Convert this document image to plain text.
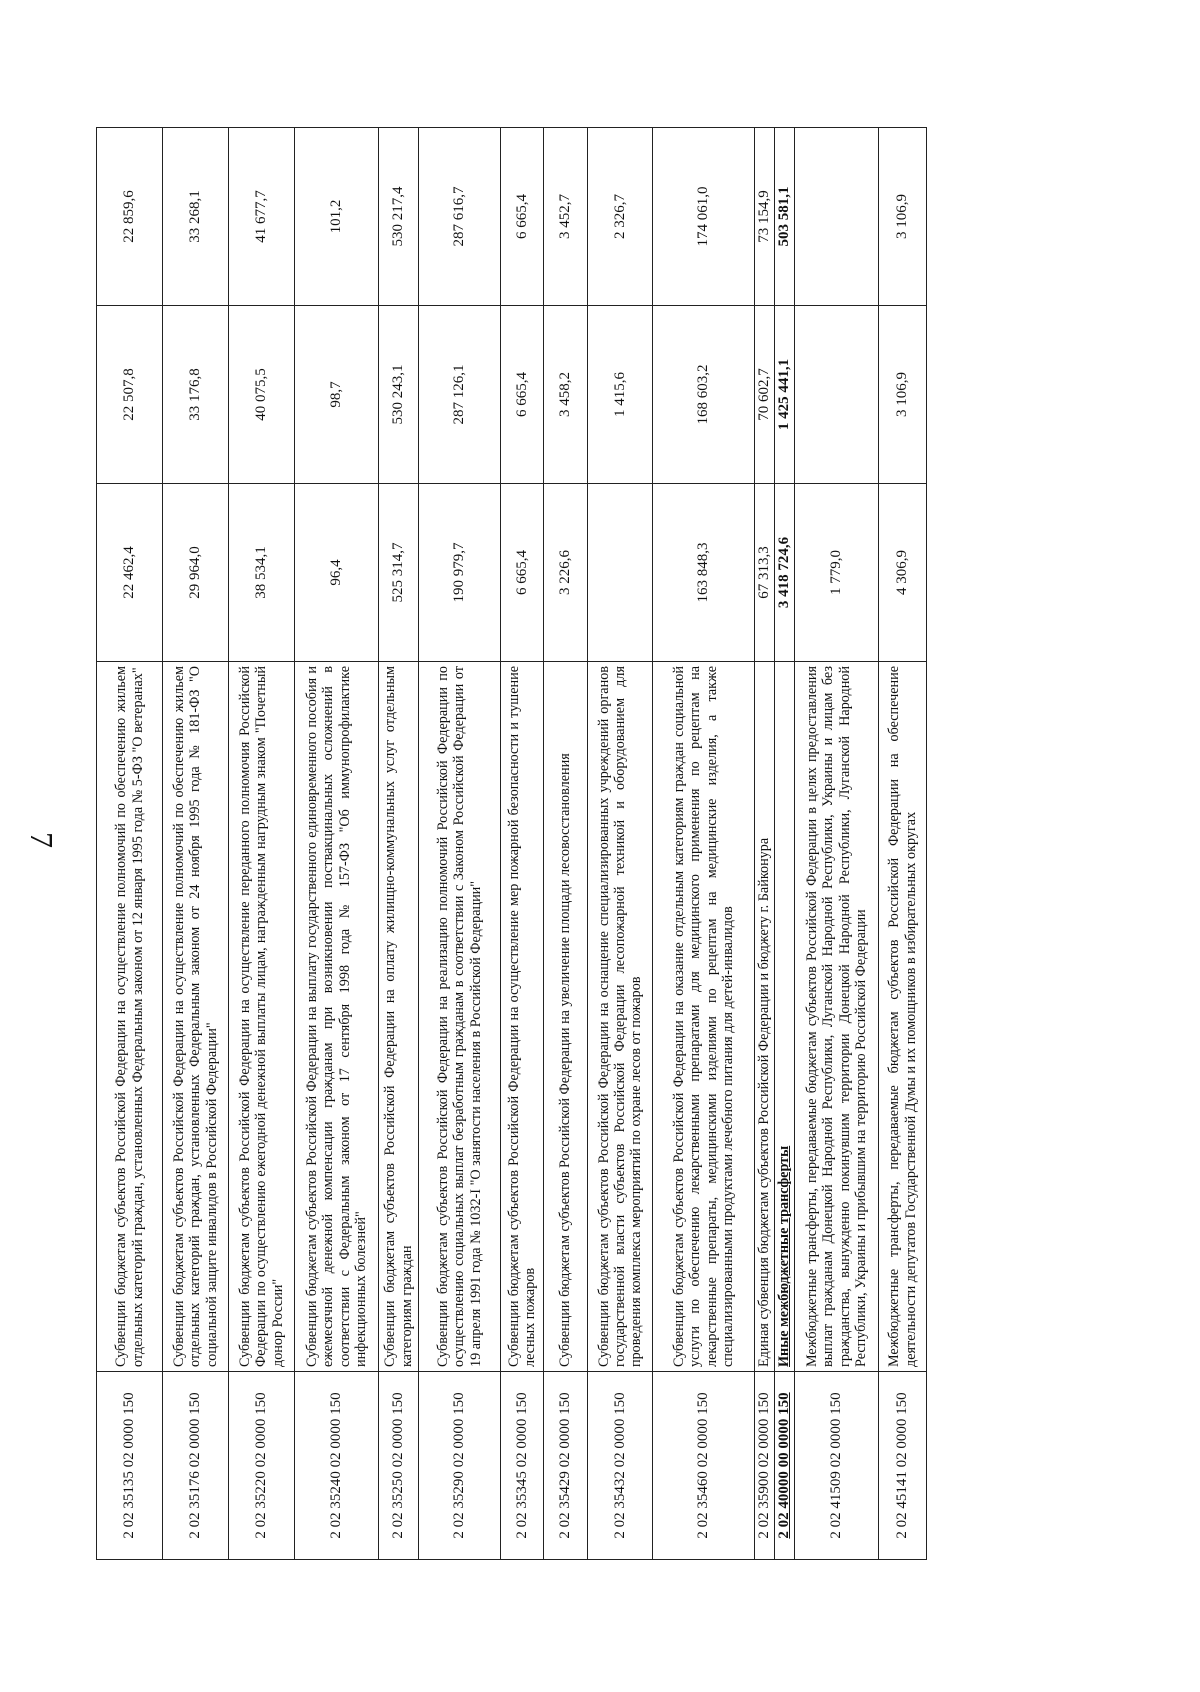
7
2 02 35135 02 0000 150	Субвенции бюджетам субъектов Российской Федерации на осуществление полномочий по обеспечению жильем отдельных категорий граждан, установленных Федеральным законом от 12 января 1995 года № 5-ФЗ "О ветеранах"	22 462,4	22 507,8	22 859,6
2 02 35176 02 0000 150	Субвенции бюджетам субъектов Российской Федерации на осуществление полномочий по обеспечению жильем отдельных категорий граждан, установленных Федеральным законом от 24 ноября 1995 года № 181-ФЗ "О социальной защите инвалидов в Российской Федерации"	29 964,0	33 176,8	33 268,1
2 02 35220 02 0000 150	Субвенции бюджетам субъектов Российской Федерации на осуществление переданного полномочия Российской Федерации по осуществлению ежегодной денежной выплаты лицам, награжденным нагрудным знаком "Почетный донор России"	38 534,1	40 075,5	41 677,7
2 02 35240 02 0000 150	Субвенции бюджетам субъектов Российской Федерации на выплату государственного единовременного пособия и ежемесячной денежной компенсации гражданам при возникновении поствакцинальных осложнений в соответствии с Федеральным законом от 17 сентября 1998 года № 157-ФЗ "Об иммунопрофилактике инфекционных болезней"	96,4	98,7	101,2
2 02 35250 02 0000 150	Субвенции бюджетам субъектов Российской Федерации на оплату жилищно-коммунальных услуг отдельным категориям граждан	525 314,7	530 243,1	530 217,4
2 02 35290 02 0000 150	Субвенции бюджетам субъектов Российской Федерации на реализацию полномочий Российской Федерации по осуществлению социальных выплат безработным гражданам в соответствии с Законом Российской Федерации от 19 апреля 1991 года № 1032-I "О занятости населения в Российской Федерации"	190 979,7	287 126,1	287 616,7
2 02 35345 02 0000 150	Субвенции бюджетам субъектов Российской Федерации на осуществление мер пожарной безопасности и тушение лесных пожаров	6 665,4	6 665,4	6 665,4
2 02 35429 02 0000 150	Субвенции бюджетам субъектов Российской Федерации на увеличение площади лесовосстановления	3 226,6	3 458,2	3 452,7
2 02 35432 02 0000 150	Субвенции бюджетам субъектов Российской Федерации на оснащение специализированных учреждений органов государственной власти субъектов Российской Федерации лесопожарной техникой и оборудованием для проведения комплекса мероприятий по охране лесов от пожаров		1 415,6	2 326,7
2 02 35460 02 0000 150	Субвенции бюджетам субъектов Российской Федерации на оказание отдельным категориям граждан социальной услуги по обеспечению лекарственными препаратами для медицинского применения по рецептам на лекарственные препараты, медицинскими изделиями по рецептам на медицинские изделия, а также специализированными продуктами лечебного питания для детей-инвалидов	163 848,3	168 603,2	174 061,0
2 02 35900 02 0000 150	Единая субвенция бюджетам субъектов Российской Федерации и бюджету г. Байконура	67 313,3	70 602,7	73 154,9
2 02 40000 00 0000 150	Иные межбюджетные трансферты	3 418 724,6	1 425 441,1	503 581,1
2 02 41509 02 0000 150	Межбюджетные трансферты, передаваемые бюджетам субъектов Российской Федерации в целях предоставления выплат гражданам Донецкой Народной Республики, Луганской Народной Республики, Украины и лицам без гражданства, вынужденно покинувшим территории Донецкой Народной Республики, Луганской Народной Республики, Украины и прибывшим на территорию Российской Федерации	1 779,0		
2 02 45141 02 0000 150	Межбюджетные трансферты, передаваемые бюджетам субъектов Российской Федерации на обеспечение деятельности депутатов Государственной Думы и их помощников в избирательных округах	4 306,9	3 106,9	3 106,9
